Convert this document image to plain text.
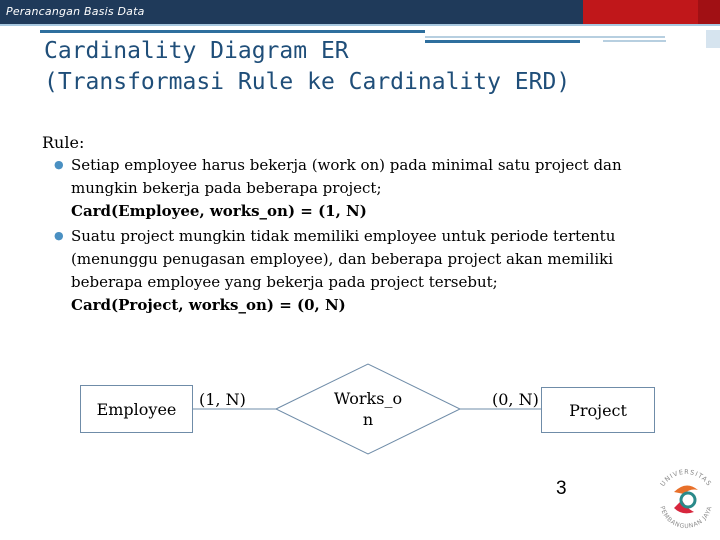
Perancangan Basis Data
Cardinality Diagram ER
(Transformasi Rule ke Cardinality ERD)
Rule:
● Setiap employee harus bekerja (work on) pada minimal satu project dan
mungkin bekerja pada beberapa project;
Card(Employee, works_on) = (1, N)
● Suatu project mungkin tidak memiliki employee untuk periode tertentu
(menunggu penugasan employee), dan beberapa project akan memiliki
beberapa employee yang bekerja pada project tersebut;
Card(Project, works_on) = (0, N)
Employee (1, N)	Works_o
n
(0, N)
Project
3	UNIVERSITAS
PEMBANGUNAN JAYA
